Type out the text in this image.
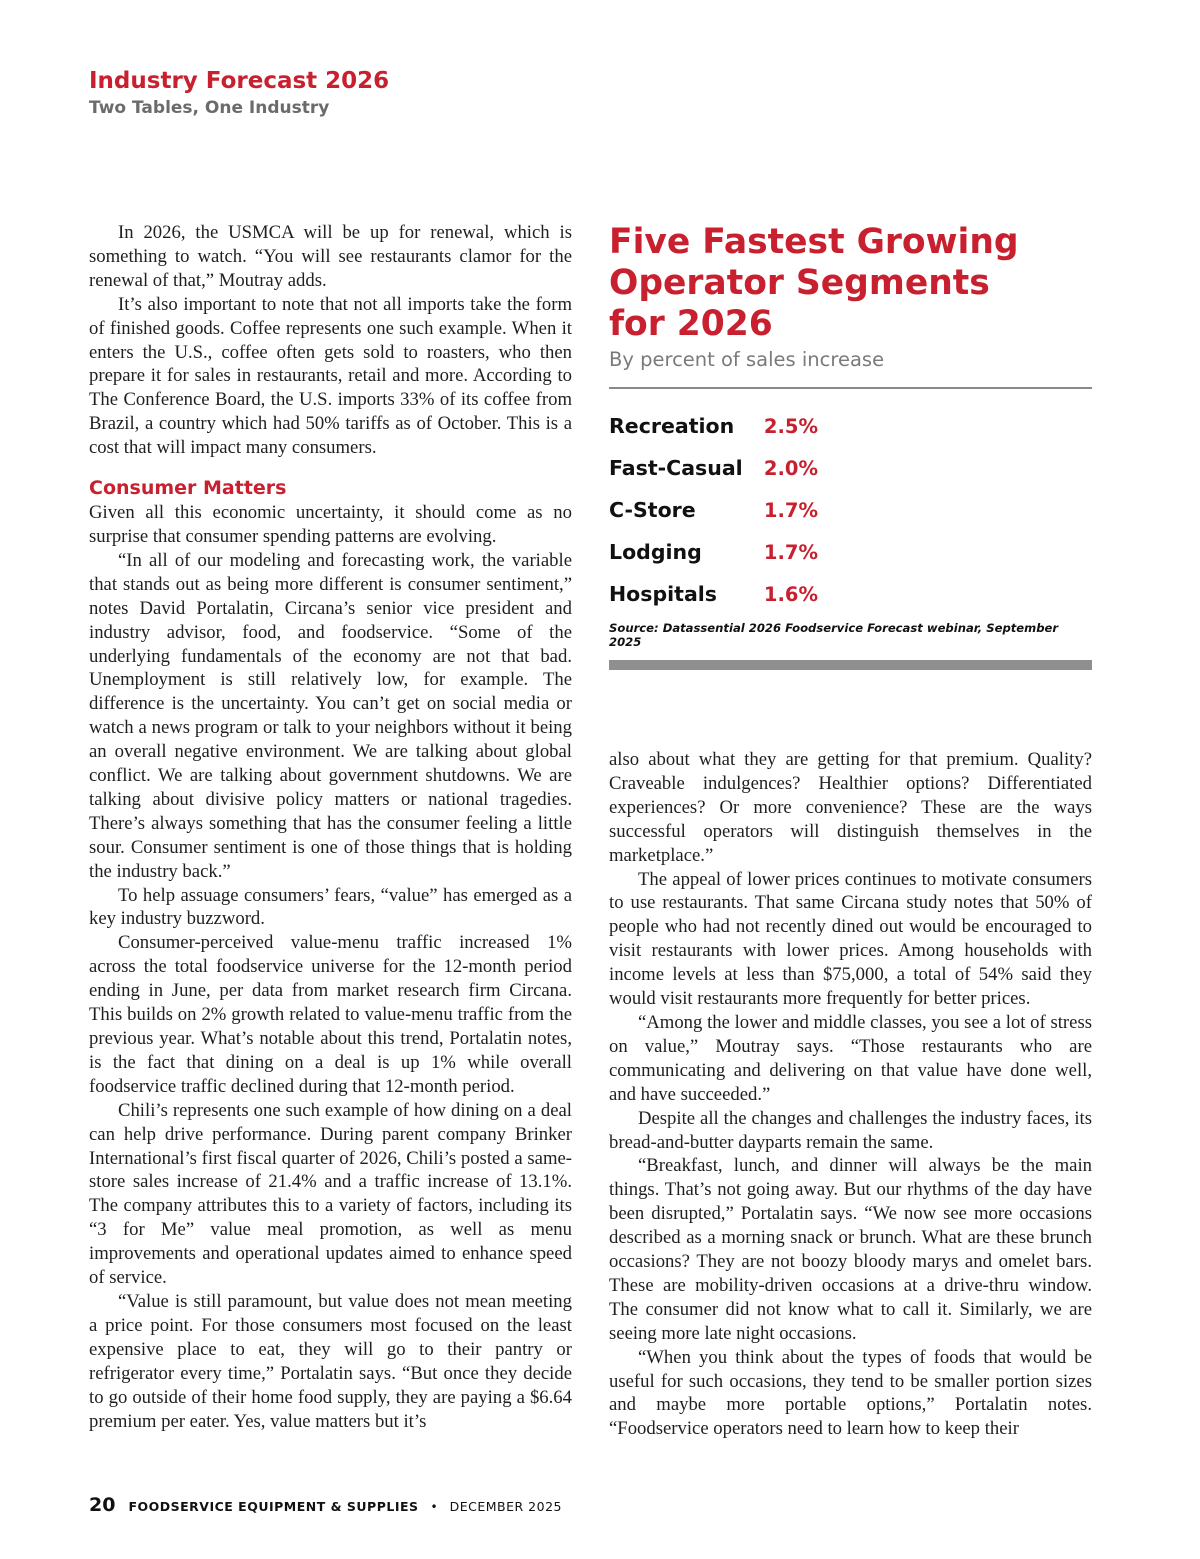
Industry Forecast 2026
Two Tables, One Industry

In 2026, the USMCA will be up for renewal, which is something to watch. “You will see restaurants clamor for the renewal of that,” Moutray adds.

It’s also important to note that not all imports take the form of finished goods. Coffee represents one such example. When it enters the U.S., coffee often gets sold to roasters, who then prepare it for sales in restaurants, retail and more. According to The Conference Board, the U.S. imports 33% of its coffee from Brazil, a country which had 50% tariffs as of October. This is a cost that will impact many consumers.

Consumer Matters

Given all this economic uncertainty, it should come as no surprise that consumer spending patterns are evolving.

“In all of our modeling and forecasting work, the variable that stands out as being more different is consumer sentiment,” notes David Portalatin, Circana’s senior vice president and industry advisor, food, and foodservice. “Some of the underlying fundamentals of the economy are not that bad. Unemployment is still relatively low, for example. The difference is the uncertainty. You can’t get on social media or watch a news program or talk to your neighbors without it being an overall negative environment. We are talking about global conflict. We are talking about government shutdowns. We are talking about divisive policy matters or national tragedies. There’s always something that has the consumer feeling a little sour. Consumer sentiment is one of those things that is holding the industry back.”

To help assuage consumers’ fears, “value” has emerged as a key industry buzzword.

Consumer-perceived value-menu traffic increased 1% across the total foodservice universe for the 12-month period ending in June, per data from market research firm Circana. This builds on 2% growth related to value-menu traffic from the previous year. What’s notable about this trend, Portalatin notes, is the fact that dining on a deal is up 1% while overall foodservice traffic declined during that 12-month period.

Chili’s represents one such example of how dining on a deal can help drive performance. During parent company Brinker International’s first fiscal quarter of 2026, Chili’s posted a same-store sales increase of 21.4% and a traffic increase of 13.1%. The company attributes this to a variety of factors, including its “3 for Me” value meal promotion, as well as menu improvements and operational updates aimed to enhance speed of service.

“Value is still paramount, but value does not mean meeting a price point. For those consumers most focused on the least expensive place to eat, they will go to their pantry or refrigerator every time,” Portalatin says. “But once they decide to go outside of their home food supply, they are paying a $6.64 premium per eater. Yes, value matters but it’s

Five Fastest Growing
Operator Segments
for 2026
By percent of sales increase
Recreation	2.5%
Fast-Casual	2.0%
C-Store	1.7%
Lodging	1.7%
Hospitals	1.6%
Source: Datassential 2026 Foodservice Forecast webinar, September 2025

also about what they are getting for that premium. Quality? Craveable indulgences? Healthier options? Differentiated experiences? Or more convenience? These are the ways successful operators will distinguish themselves in the marketplace.”

The appeal of lower prices continues to motivate consumers to use restaurants. That same Circana study notes that 50% of people who had not recently dined out would be encouraged to visit restaurants with lower prices. Among households with income levels at less than $75,000, a total of 54% said they would visit restaurants more frequently for better prices.

“Among the lower and middle classes, you see a lot of stress on value,” Moutray says. “Those restaurants who are communicating and delivering on that value have done well, and have succeeded.”

Despite all the changes and challenges the industry faces, its bread-and-butter dayparts remain the same.

“Breakfast, lunch, and dinner will always be the main things. That’s not going away. But our rhythms of the day have been disrupted,” Portalatin says. “We now see more occasions described as a morning snack or brunch. What are these brunch occasions? They are not boozy bloody marys and omelet bars. These are mobility-driven occasions at a drive-thru window. The consumer did not know what to call it. Similarly, we are seeing more late night occasions.

“When you think about the types of foods that would be useful for such occasions, they tend to be smaller portion sizes and maybe more portable options,” Portalatin notes. “Foodservice operators need to learn how to keep their

20 FOODSERVICE EQUIPMENT & SUPPLIES • DECEMBER 2025
